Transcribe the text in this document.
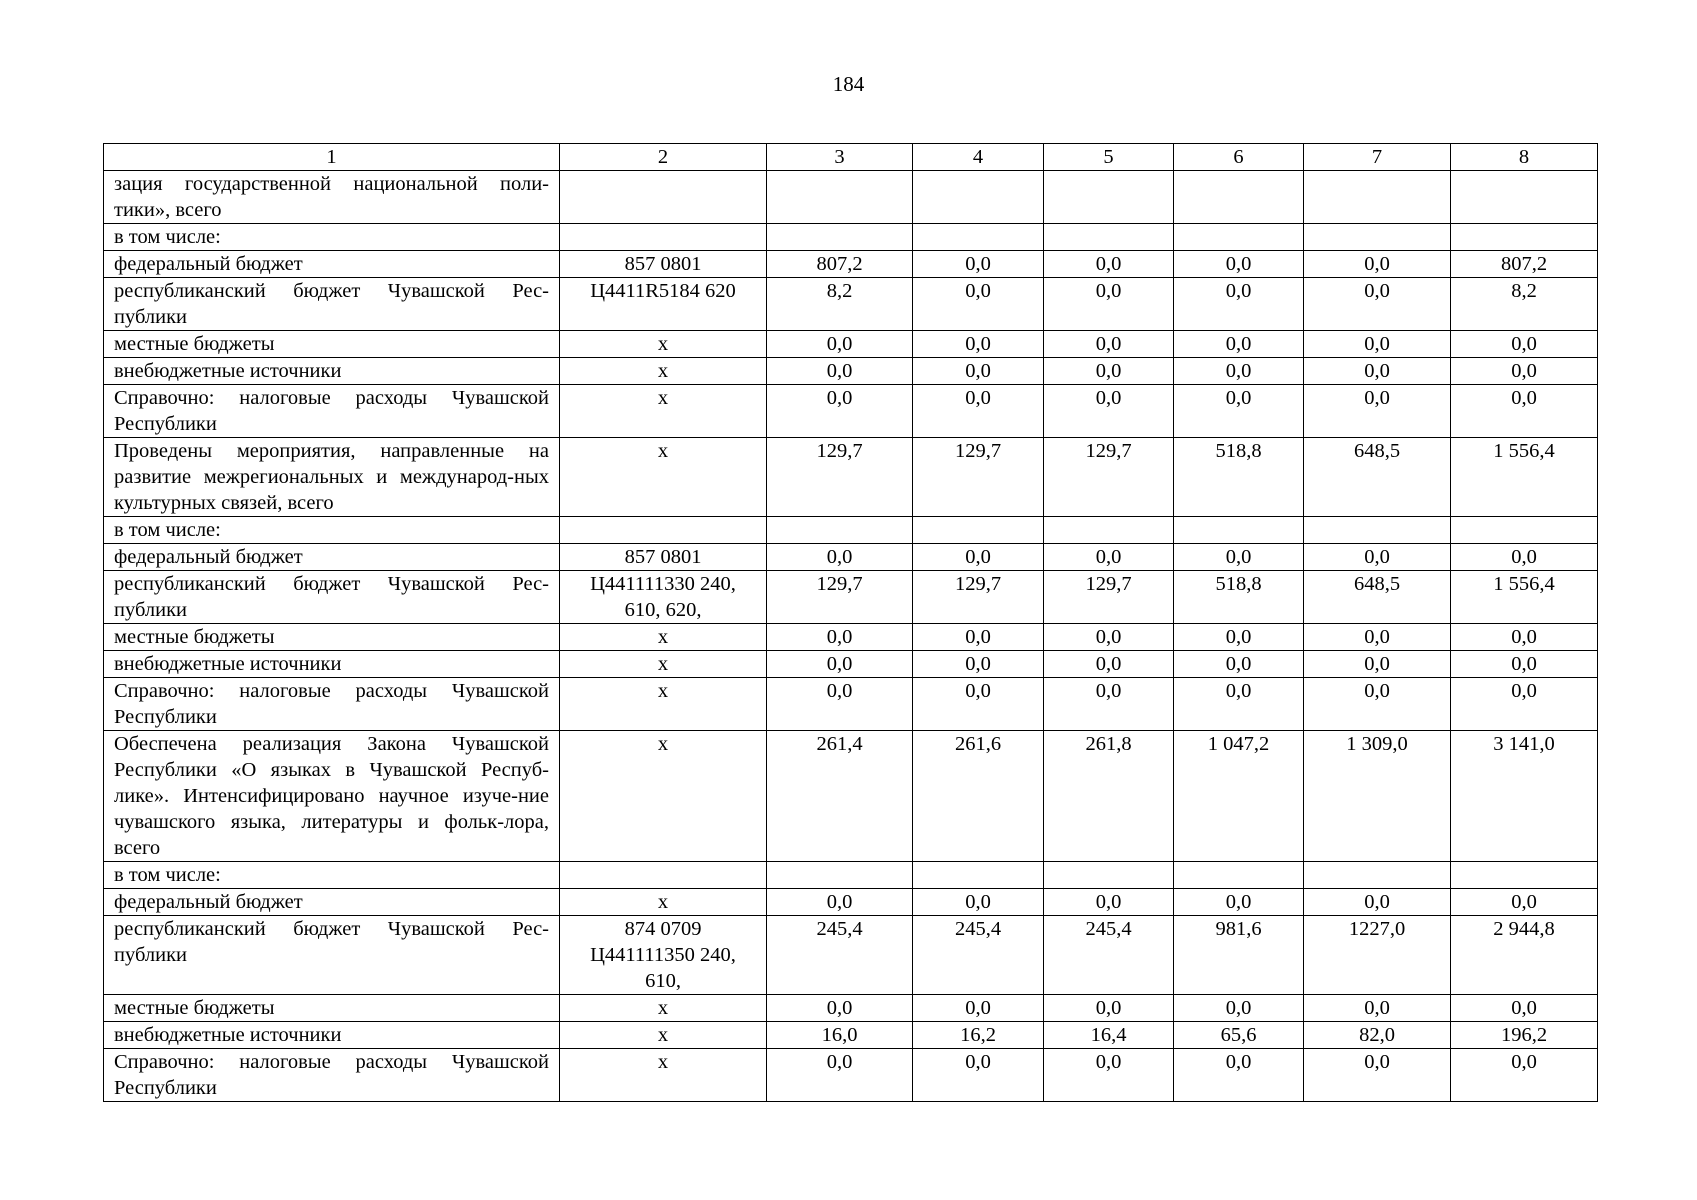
184
1	2	3	4	5	6	7	8
зация государственной национальной поли-тики», всего							
в том числе:							
федеральный бюджет	857 0801	807,2	0,0	0,0	0,0	0,0	807,2
республиканский бюджет Чувашской Рес-публики	Ц4411R5184 620	8,2	0,0	0,0	0,0	0,0	8,2
местные бюджеты	x	0,0	0,0	0,0	0,0	0,0	0,0
внебюджетные источники	x	0,0	0,0	0,0	0,0	0,0	0,0
Справочно: налоговые расходы Чувашской Республики	x	0,0	0,0	0,0	0,0	0,0	0,0
Проведены мероприятия, направленные на развитие межрегиональных и международ-ных культурных связей, всего	x	129,7	129,7	129,7	518,8	648,5	1 556,4
в том числе:							
федеральный бюджет	857 0801	0,0	0,0	0,0	0,0	0,0	0,0
республиканский бюджет Чувашской Рес-публики	Ц441111330 240, 610, 620,	129,7	129,7	129,7	518,8	648,5	1 556,4
местные бюджеты	x	0,0	0,0	0,0	0,0	0,0	0,0
внебюджетные источники	x	0,0	0,0	0,0	0,0	0,0	0,0
Справочно: налоговые расходы Чувашской Республики	x	0,0	0,0	0,0	0,0	0,0	0,0
Обеспечена реализация Закона Чувашской Республики «О языках в Чувашской Респуб-лике». Интенсифицировано научное изуче-ние чувашского языка, литературы и фольк-лора, всего	x	261,4	261,6	261,8	1 047,2	1 309,0	3 141,0
в том числе:							
федеральный бюджет	x	0,0	0,0	0,0	0,0	0,0	0,0
республиканский бюджет Чувашской Рес-публики	874 0709 Ц441111350 240, 610,	245,4	245,4	245,4	981,6	1227,0	2 944,8
местные бюджеты	x	0,0	0,0	0,0	0,0	0,0	0,0
внебюджетные источники	x	16,0	16,2	16,4	65,6	82,0	196,2
Справочно: налоговые расходы Чувашской Республики	x	0,0	0,0	0,0	0,0	0,0	0,0
